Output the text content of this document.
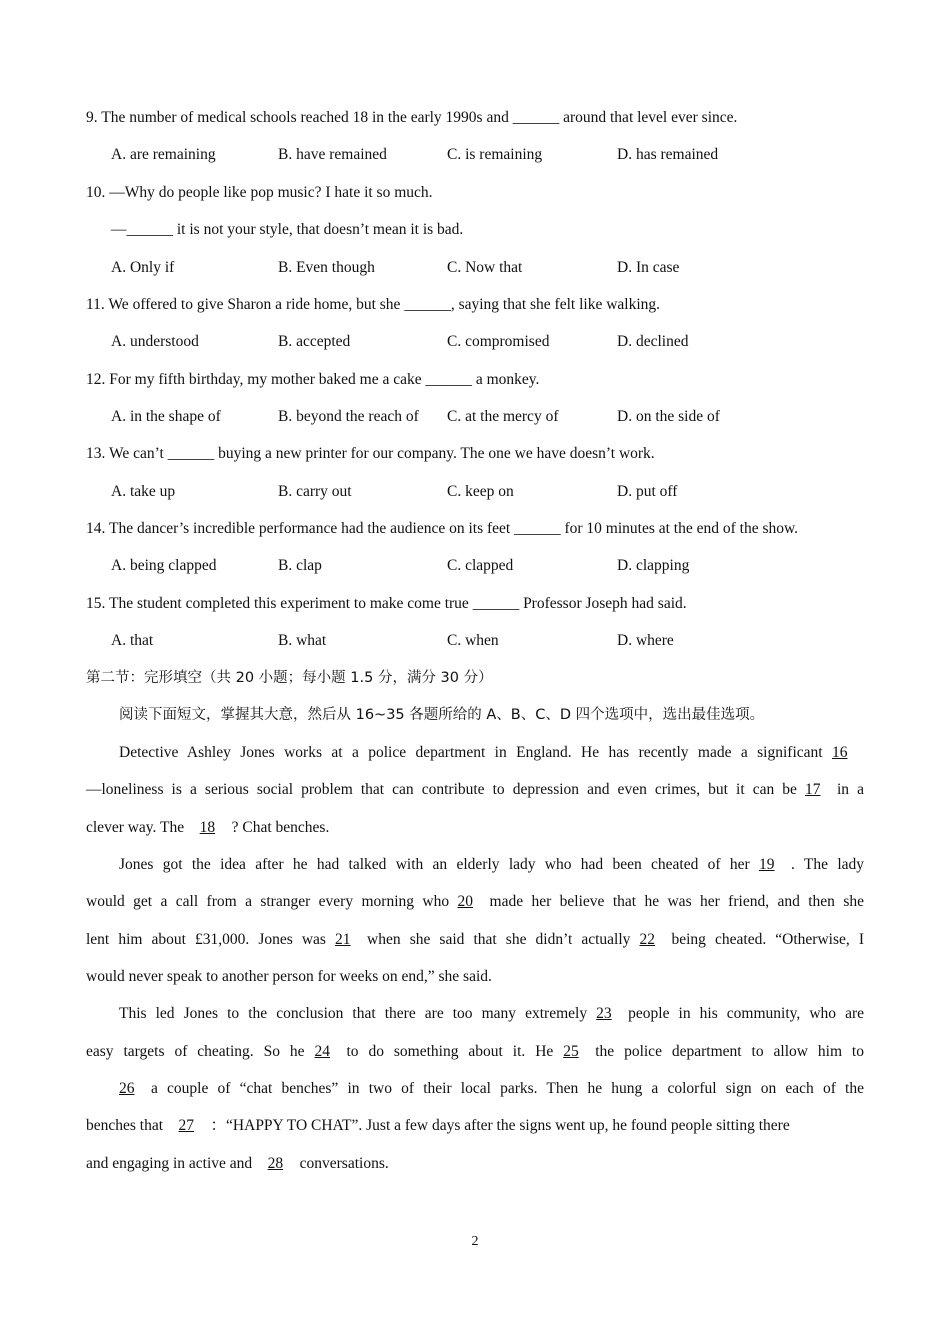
9. The number of medical schools reached 18 in the early 1990s and ______ around that level ever since.
A. are remaining	B. have remained	C. is remaining	D. has remained
10. —Why do people like pop music? I hate it so much.
—______ it is not your style, that doesn’t mean it is bad.
A. Only if	B. Even though	C. Now that	D. In case
11. We offered to give Sharon a ride home, but she ______, saying that she felt like walking.
A. understood	B. accepted	C. compromised	D. declined
12. For my fifth birthday, my mother baked me a cake ______ a monkey.
A. in the shape of	B. beyond the reach of C. at the mercy of	D. on the side of
13. We can’t ______ buying a new printer for our company. The one we have doesn’t work.
A. take up	B. carry out	C. keep on	D. put off
14. The dancer’s incredible performance had the audience on its feet ______ for 10 minutes at the end of the show.
A. being clapped	B. clap	C. clapped	D. clapping
15. The student completed this experiment to make come true ______ Professor Joseph had said.
A. that	B. what	C. when	D. where
第二节：完形填空（共 20 小题；每小题 1.5 分，满分 30 分）
阅读下面短文，掌握其大意，然后从 16~35 各题所给的 A、B、C、D 四个选项中，选出最佳选项。
Detective Ashley Jones works at a police department in England. He has recently made a significant 16
—loneliness is a serious social problem that can contribute to depression and even crimes, but it can be 17 in a
clever way. The 18 ? Chat benches.
Jones got the idea after he had talked with an elderly lady who had been cheated of her 19 . The lady
would get a call from a stranger every morning who 20 made her believe that he was her friend, and then she
lent him about £31,000. Jones was 21 when she said that she didn’t actually 22 being cheated. “Otherwise, I
would never speak to another person for weeks on end,” she said.
This led Jones to the conclusion that there are too many extremely 23 people in his community, who are
easy targets of cheating. So he 24 to do something about it. He 25 the police department to allow him to
26 a couple of “chat benches” in two of their local parks. Then he hung a colorful sign on each of the
benches that 27 ：“HAPPY TO CHAT”. Just a few days after the signs went up, he found people sitting there
and engaging in active and 28 conversations.
2
